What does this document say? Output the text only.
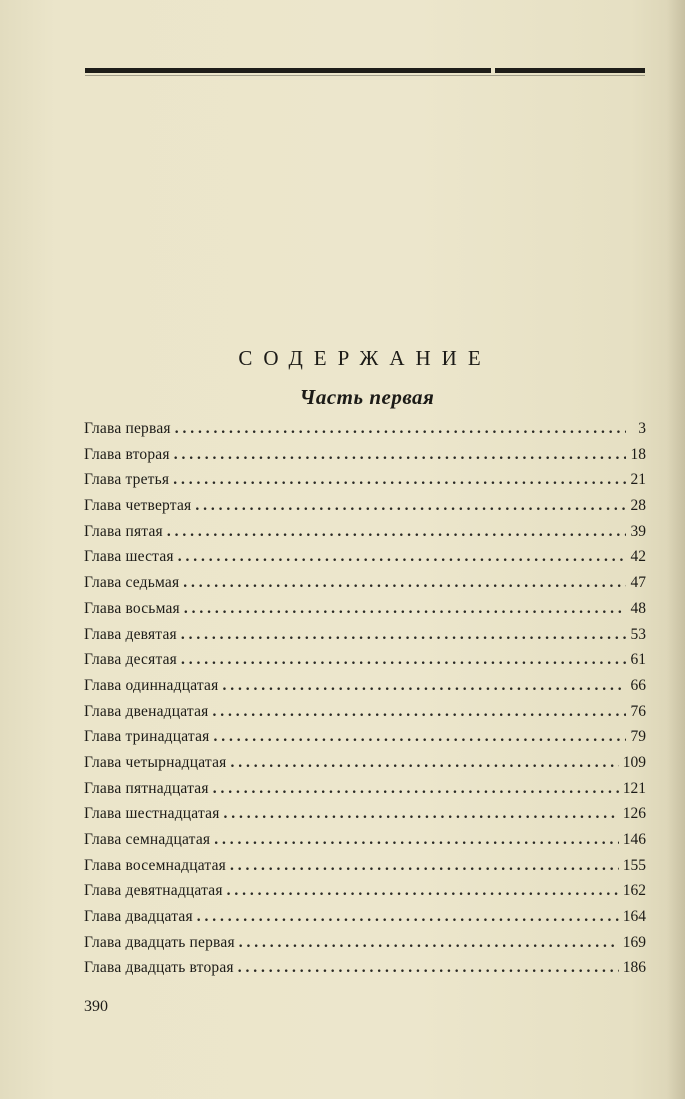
СОДЕРЖАНИЕ
Часть первая
Глава первая . . .	3
Глава вторая . . .	18
Глава третья . . .	21
Глава четвертая . . .	28
Глава пятая . . .	39
Глава шестая . . .	42
Глава седьмая . . .	47
Глава восьмая . . .	48
Глава девятая . . .	53
Глава десятая . . .	61
Глава одиннадцатая . . .	66
Глава двенадцатая . . .	76
Глава тринадцатая . . .	79
Глава четырнадцатая . . .	109
Глава пятнадцатая . . .	121
Глава шестнадцатая . . .	126
Глава семнадцатая . . .	146
Глава восемнадцатая . . .	155
Глава девятнадцатая . . .	162
Глава двадцатая . . .	164
Глава двадцать первая . . .	169
Глава двадцать вторая . . .	186
390
